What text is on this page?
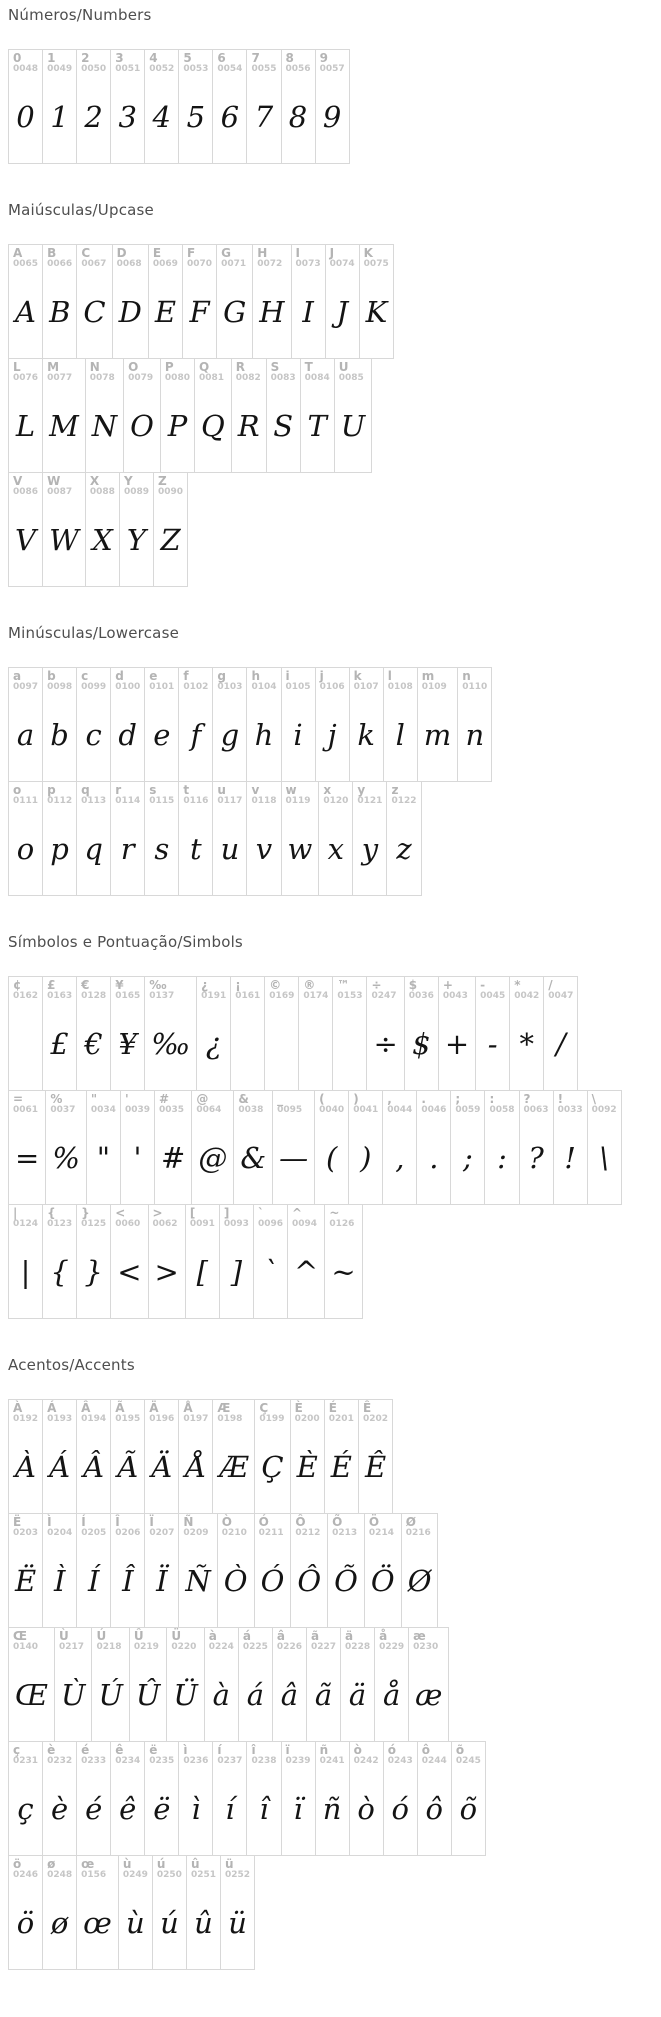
Números/Numbers
0
0048
0

1
0049
1

2
0050
2

3
0051
3

4
0052
4

5
0053
5

6
0054
6

7
0055
7

8
0056
8

9
0057
9
Maiúsculas/Upcase
A
0065
A

B
0066
B

C
0067
C

D
0068
D

E
0069
E

F
0070
F

G
0071
G

H
0072
H

I
0073
I

J
0074
J

K
0075
K
L
0076
L

M
0077
M

N
0078
N

O
0079
O

P
0080
P

Q
0081
Q

R
0082
R

S
0083
S

T
0084
T

U
0085
U
V
0086
V

W
0087
W

X
0088
X

Y
0089
Y

Z
0090
Z
Minúsculas/Lowercase
a
0097
a

b
0098
b

c
0099
c

d
0100
d

e
0101
e

f
0102
f

g
0103
g

h
0104
h

i
0105
i

j
0106
j

k
0107
k

l
0108
l

m
0109
m

n
0110
n
o
0111
o

p
0112
p

q
0113
q

r
0114
r

s
0115
s

t
0116
t

u
0117
u

v
0118
v

w
0119
w

x
0120
x

y
0121
y

z
0122
z
Símbolos e Pontuação/Simbols
¢
0162

£
0163
£

€
0128
€

¥
0165
¥

‰
0137
‰

¿
0191
¿

¡
0161

©
0169

®
0174

™
0153

÷
0247
÷

$
0036
$

+
0043
+

-
0045
-

*
0042
*

/
0047
/
=
0061
=

%
0037
%

"
0034
"

'
0039
'

#
0035
#

@
0064
@

&
0038
&

_
0095
—

(
0040
(

)
0041
)

,
0044
,

.
0046
.

;
0059
;

:
0058
:

?
0063
?

!
0033
!

\
0092
\
|
0124
|

{
0123
{

}
0125
}

<
0060
<

>
0062
>

[
0091
[

]
0093
]

`
0096
`

^
0094
^

~
0126
~
Acentos/Accents
À
0192
À

Á
0193
Á

Â
0194
Â

Ã
0195
Ã

Ä
0196
Ä

Å
0197
Å

Æ
0198
Æ

Ç
0199
Ç

È
0200
È

É
0201
É

Ê
0202
Ê
Ë
0203
Ë

Ì
0204
Ì

Í
0205
Í

Î
0206
Î

Ï
0207
Ï

Ñ
0209
Ñ

Ò
0210
Ò

Ó
0211
Ó

Ô
0212
Ô

Õ
0213
Õ

Ö
0214
Ö

Ø
0216
Ø
Œ
0140
Œ

Ù
0217
Ù

Ú
0218
Ú

Û
0219
Û

Ü
0220
Ü

à
0224
à

á
0225
á

â
0226
â

ã
0227
ã

ä
0228
ä

å
0229
å

æ
0230
æ
ç
0231
ç

è
0232
è

é
0233
é

ê
0234
ê

ë
0235
ë

ì
0236
ì

í
0237
í

î
0238
î

ï
0239
ï

ñ
0241
ñ

ò
0242
ò

ó
0243
ó

ô
0244
ô

õ
0245
õ
ö
0246
ö

ø
0248
ø

œ
0156
œ

ù
0249
ù

ú
0250
ú

û
0251
û

ü
0252
ü
